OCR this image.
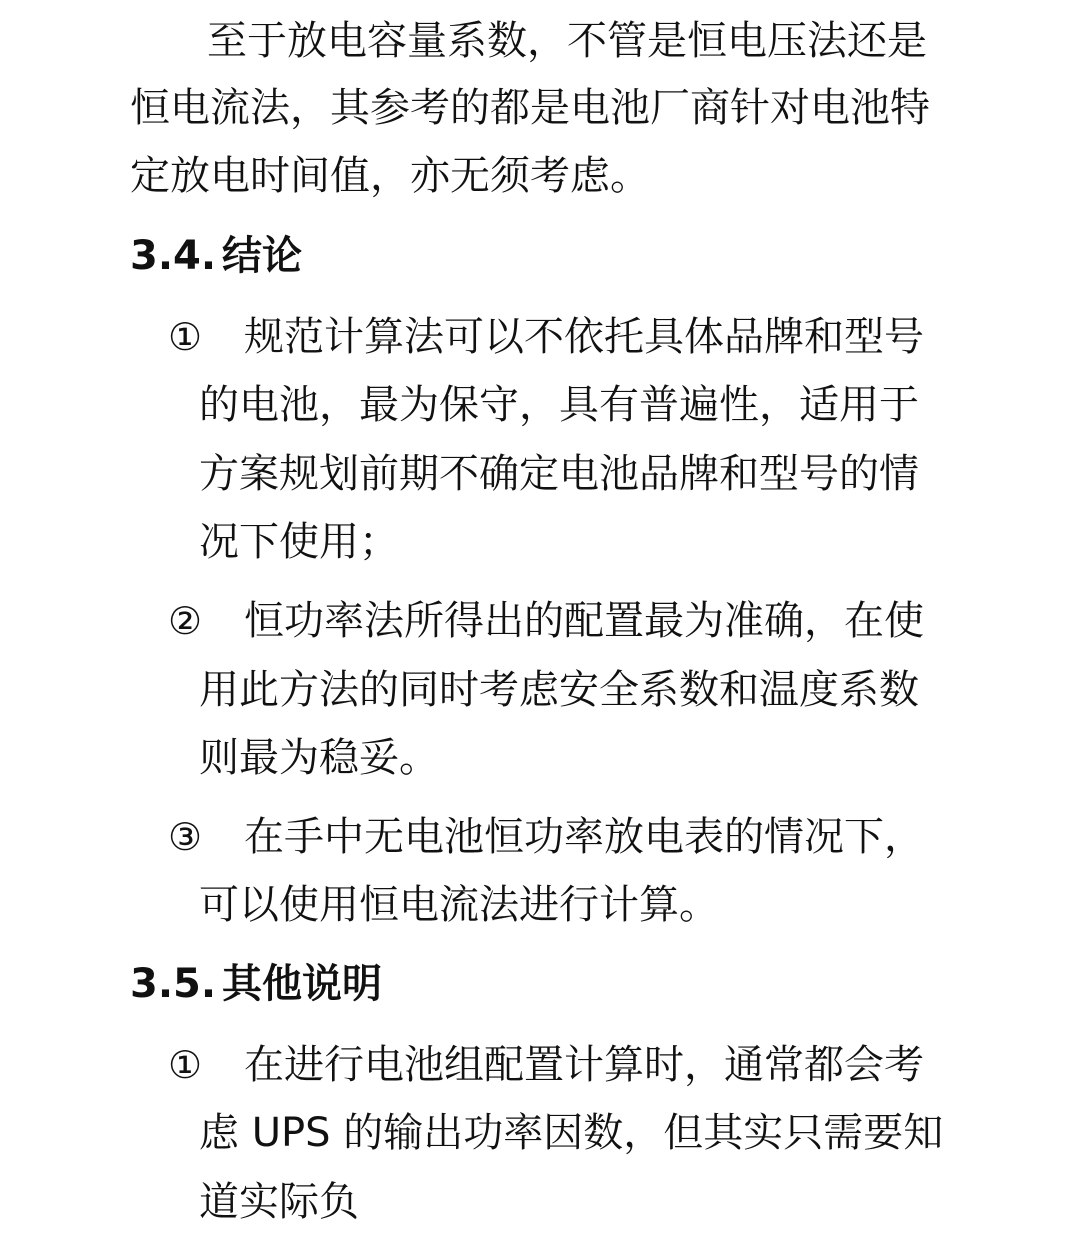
至于放电容量系数，不管是恒电压法还是
恒电流法，其参考的都是电池厂商针对电池特
定放电时间值，亦无须考虑。
3.4. 结论
① 规范计算法可以不依托具体品牌和型号
的电池，最为保守，具有普遍性，适用于
方案规划前期不确定电池品牌和型号的情
况下使用；
② 恒功率法所得出的配置最为准确，在使
用此方法的同时考虑安全系数和温度系数
则最为稳妥。
③ 在手中无电池恒功率放电表的情况下，
可以使用恒电流法进行计算。
3.5. 其他说明
① 在进行电池组配置计算时，通常都会考
虑 UPS 的输出功率因数，但其实只需要知
道实际负
